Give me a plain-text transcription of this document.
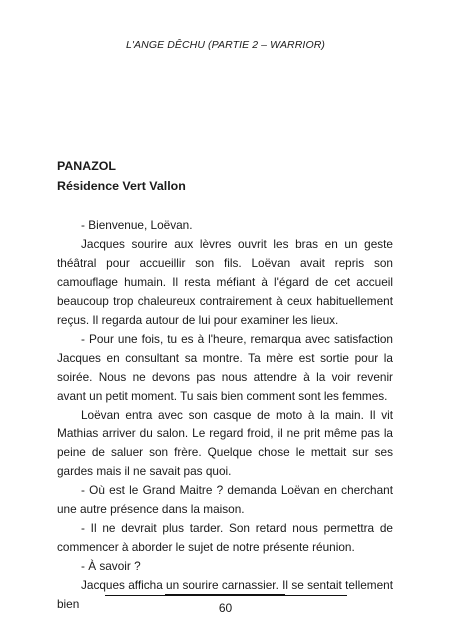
L'ANGE DÊCHU (PARTIE 2 – WARRIOR)
PANAZOL
Résidence Vert Vallon

- Bienvenue, Loëvan.

Jacques sourire aux lèvres ouvrit les bras en un geste théâtral pour accueillir son fils. Loëvan avait repris son camouflage humain. Il resta méfiant à l'égard de cet accueil beaucoup trop chaleureux contrairement à ceux habituellement reçus. Il regarda autour de lui pour examiner les lieux.

- Pour une fois, tu es à l'heure, remarqua avec satisfaction Jacques en consultant sa montre. Ta mère est sortie pour la soirée. Nous ne devons pas nous attendre à la voir revenir avant un petit moment. Tu sais bien comment sont les femmes.

Loëvan entra avec son casque de moto à la main. Il vit Mathias arriver du salon. Le regard froid, il ne prit même pas la peine de saluer son frère. Quelque chose le mettait sur ses gardes mais il ne savait pas quoi.

- Où est le Grand Maitre ? demanda Loëvan en cherchant une autre présence dans la maison.

- Il ne devrait plus tarder. Son retard nous permettra de commencer à aborder le sujet de notre présente réunion.

- À savoir ?

Jacques afficha un sourire carnassier. Il se sentait tellement bien	60
